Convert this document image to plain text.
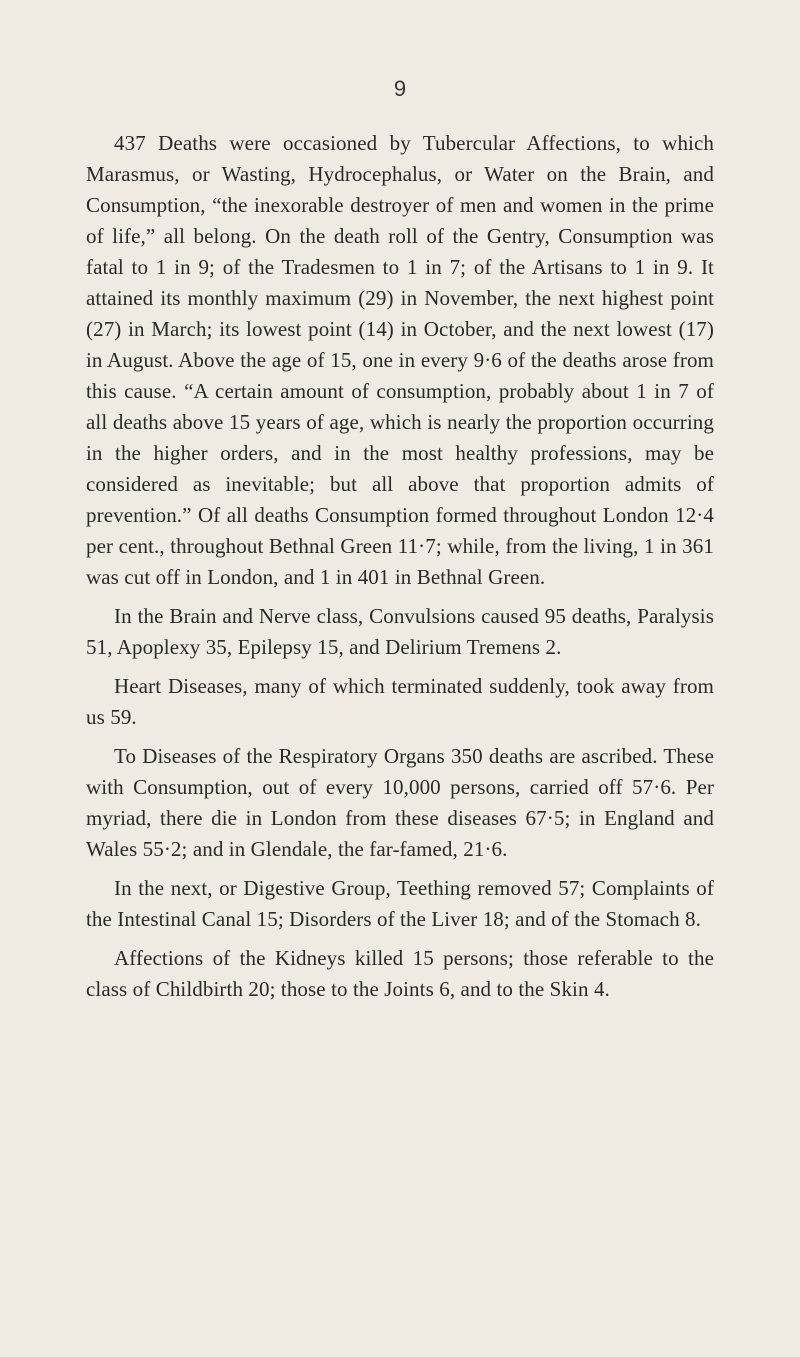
9

437 Deaths were occasioned by Tubercular Affections, to which Marasmus, or Wasting, Hydrocephalus, or Water on the Brain, and Consumption, “the inexorable destroyer of men and women in the prime of life,” all belong. On the death roll of the Gentry, Consumption was fatal to 1 in 9; of the Tradesmen to 1 in 7; of the Artisans to 1 in 9. It attained its monthly maximum (29) in November, the next highest point (27) in March; its lowest point (14) in October, and the next lowest (17) in August. Above the age of 15, one in every 9·6 of the deaths arose from this cause. “A certain amount of consumption, probably about 1 in 7 of all deaths above 15 years of age, which is nearly the proportion occurring in the higher orders, and in the most healthy professions, may be considered as inevitable; but all above that proportion admits of prevention.” Of all deaths Consumption formed throughout London 12·4 per cent., throughout Bethnal Green 11·7; while, from the living, 1 in 361 was cut off in London, and 1 in 401 in Bethnal Green.

In the Brain and Nerve class, Convulsions caused 95 deaths, Paralysis 51, Apoplexy 35, Epilepsy 15, and Delirium Tremens 2.

Heart Diseases, many of which terminated suddenly, took away from us 59.

To Diseases of the Respiratory Organs 350 deaths are ascribed. These with Consumption, out of every 10,000 persons, carried off 57·6. Per myriad, there die in London from these diseases 67·5; in England and Wales 55·2; and in Glendale, the far-famed, 21·6.

In the next, or Digestive Group, Teething removed 57; Complaints of the Intestinal Canal 15; Disorders of the Liver 18; and of the Stomach 8.

Affections of the Kidneys killed 15 persons; those referable to the class of Childbirth 20; those to the Joints 6, and to the Skin 4.
